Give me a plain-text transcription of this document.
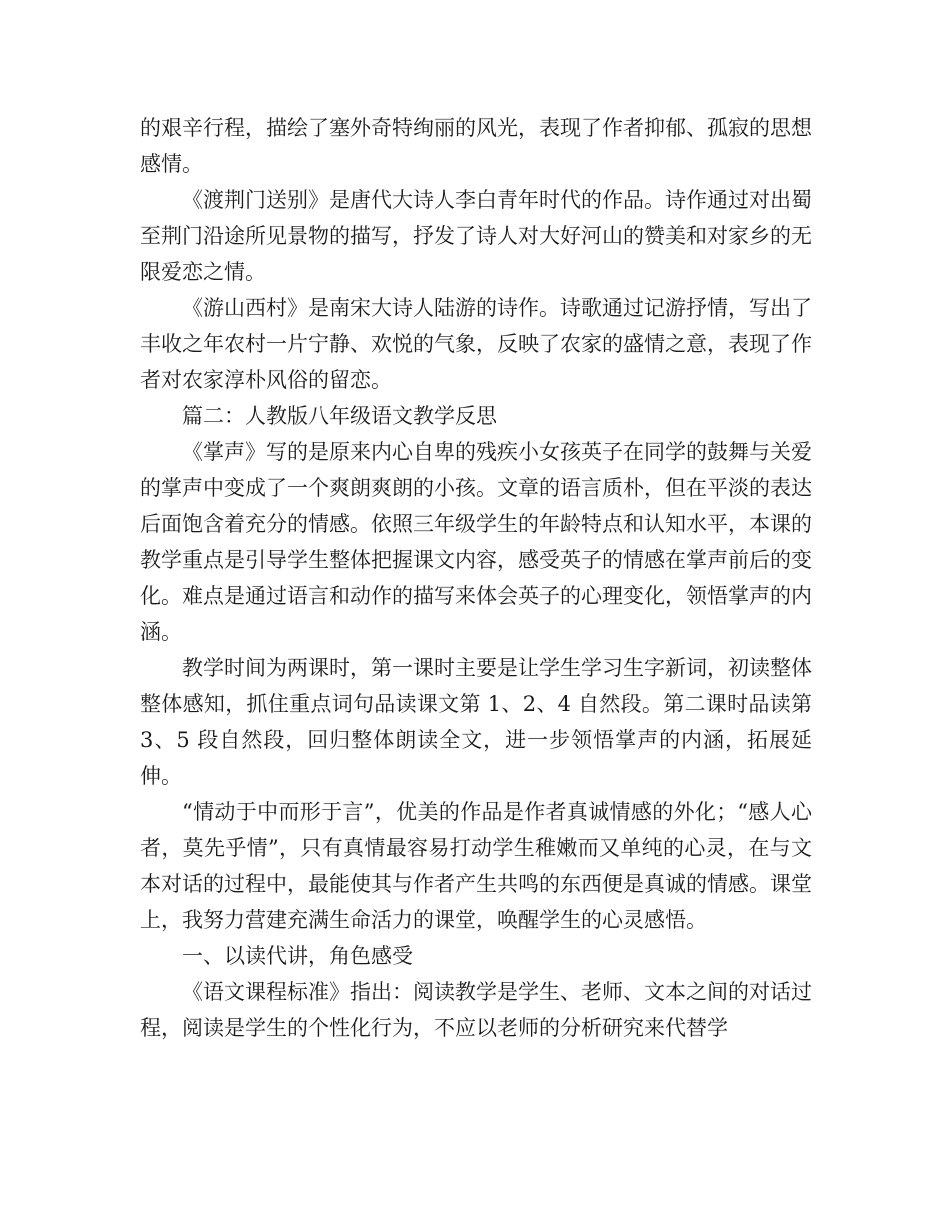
的艰辛行程，描绘了塞外奇特绚丽的风光，表现了作者抑郁、孤寂的思想感情。

《渡荆门送别》是唐代大诗人李白青年时代的作品。诗作通过对出蜀至荆门沿途所见景物的描写，抒发了诗人对大好河山的赞美和对家乡的无限爱恋之情。

《游山西村》是南宋大诗人陆游的诗作。诗歌通过记游抒情，写出了丰收之年农村一片宁静、欢悦的气象，反映了农家的盛情之意，表现了作者对农家淳朴风俗的留恋。

篇二：人教版八年级语文教学反思

《掌声》写的是原来内心自卑的残疾小女孩英子在同学的鼓舞与关爱的掌声中变成了一个爽朗爽朗的小孩。文章的语言质朴，但在平淡的表达后面饱含着充分的情感。依照三年级学生的年龄特点和认知水平，本课的教学重点是引导学生整体把握课文内容，感受英子的情感在掌声前后的变化。难点是通过语言和动作的描写来体会英子的心理变化，领悟掌声的内涵。

教学时间为两课时，第一课时主要是让学生学习生字新词，初读整体整体感知，抓住重点词句品读课文第 1、2、4 自然段。第二课时品读第 3、5 段自然段，回归整体朗读全文，进一步领悟掌声的内涵，拓展延伸。

“情动于中而形于言”，优美的作品是作者真诚情感的外化；“感人心者，莫先乎情”，只有真情最容易打动学生稚嫩而又单纯的心灵，在与文本对话的过程中，最能使其与作者产生共鸣的东西便是真诚的情感。课堂上，我努力营建充满生命活力的课堂，唤醒学生的心灵感悟。

一、以读代讲，角色感受

《语文课程标准》指出：阅读教学是学生、老师、文本之间的对话过程，阅读是学生的个性化行为，不应以老师的分析研究来代替学
